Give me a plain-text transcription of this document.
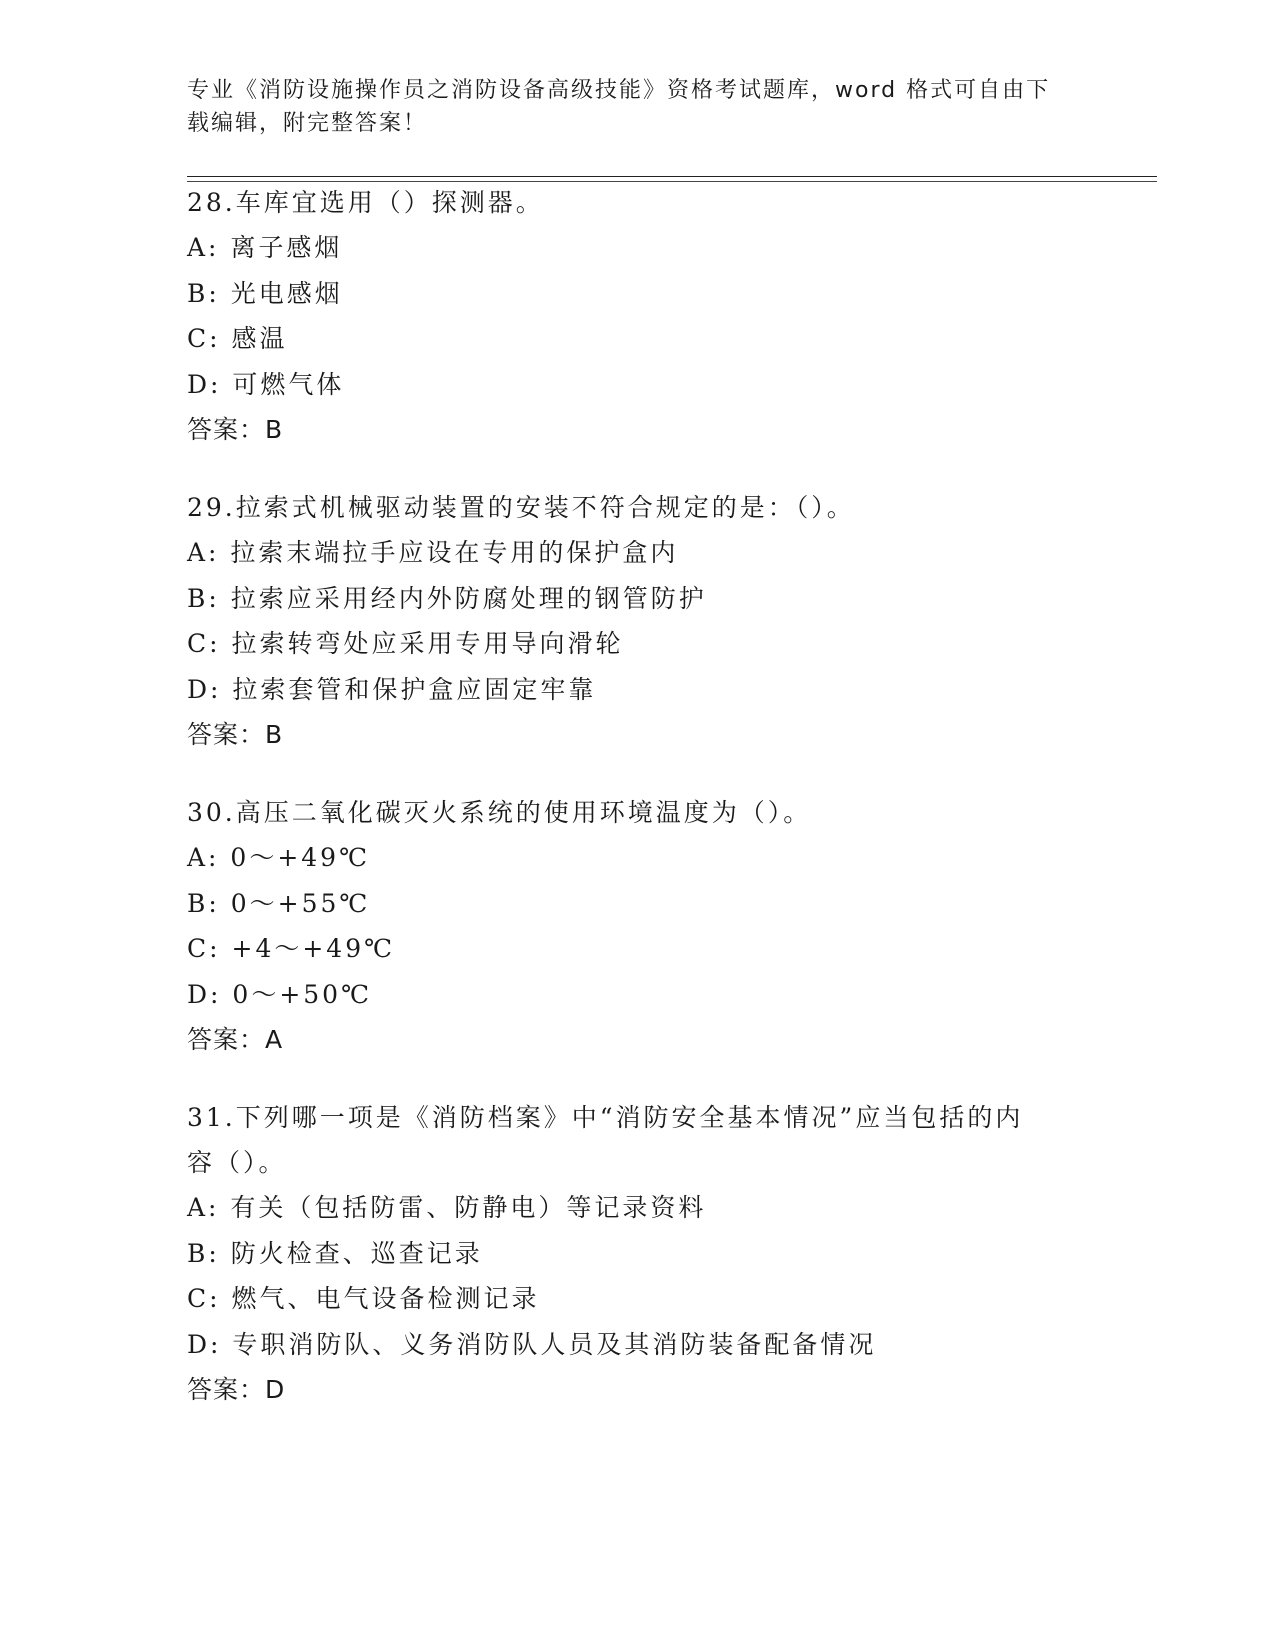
专业《消防设施操作员之消防设备高级技能》资格考试题库，word 格式可自由下
载编辑，附完整答案！
28.车库宜选用（）探测器。
A: 离子感烟
B: 光电感烟
C: 感温
D: 可燃气体
答案：B
29.拉索式机械驱动装置的安装不符合规定的是：（）。
A: 拉索末端拉手应设在专用的保护盒内
B: 拉索应采用经内外防腐处理的钢管防护
C: 拉索转弯处应采用专用导向滑轮
D: 拉索套管和保护盒应固定牢靠
答案：B
30.高压二氧化碳灭火系统的使用环境温度为（）。
A: 0～+49℃
B: 0～+55℃
C: +4～+49℃
D: 0～+50℃
答案：A
31.下列哪一项是《消防档案》中“消防安全基本情况”应当包括的内
容（）。
A: 有关（包括防雷、防静电）等记录资料
B: 防火检查、巡查记录
C: 燃气、电气设备检测记录
D: 专职消防队、义务消防队人员及其消防装备配备情况
答案：D
